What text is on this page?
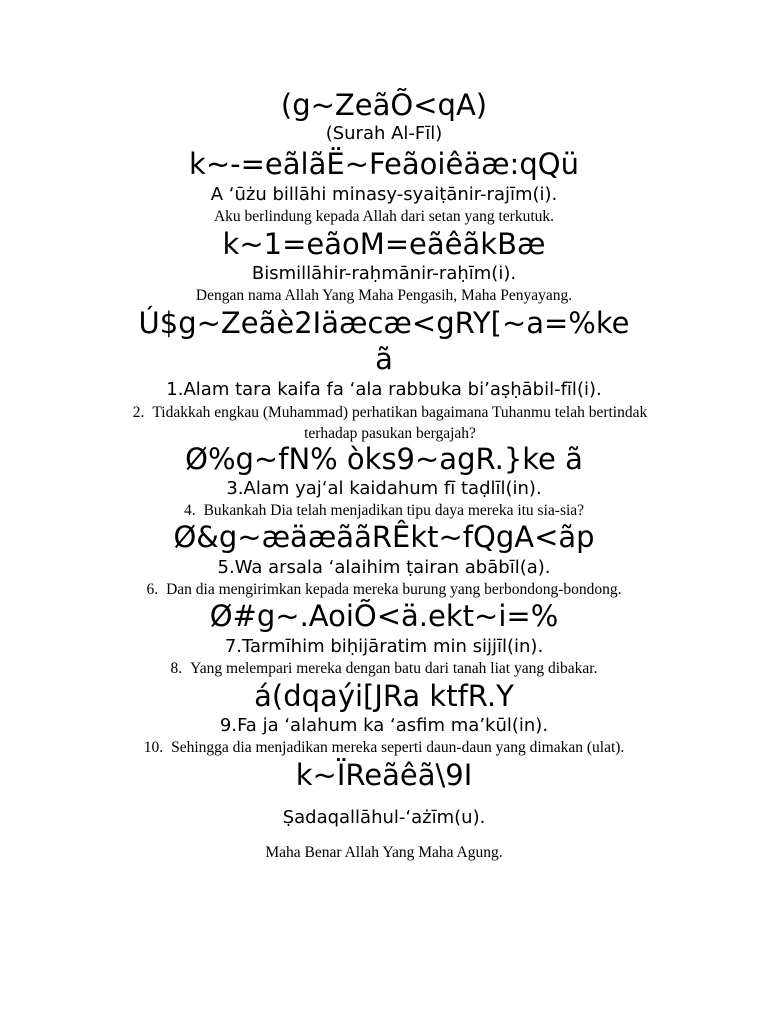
(g~ZeãÕ<qA)
(Surah Al-Fīl)
k~-=eãlãË~Feãoiêäæ:qQü
A ‘ūżu billāhi minasy-syaiṭānir-rajīm(i).
Aku berlindung kepada Allah dari setan yang terkutuk.
k~1=eãoM=eãêãkBæ
Bismillāhir-raḥmānir-raḥīm(i).
Dengan nama Allah Yang Maha Pengasih, Maha Penyayang.
Ú$g~Zeãè2Iäæcæ<gRY[~a=%ke
ã
1.Alam tara kaifa fa ‘ala rabbuka bi’aṣḥābil-fīl(i).
2. Tidakkah engkau (Muhammad) perhatikan bagaimana Tuhanmu telah bertindak terhadap pasukan bergajah?
Ø%g~fN% òks9~agR.}ke ã
3.Alam yaj‘al kaidahum fī taḍlīl(in).
4. Bukankah Dia telah menjadikan tipu daya mereka itu sia-sia?
Ø&g~æäæããRÊkt~fQgA<ãp
5.Wa arsala ‘alaihim ṭairan abābīl(a).
6. Dan dia mengirimkan kepada mereka burung yang berbondong-bondong.
Ø#g~.AoiÕ<ä.ekt~i=%
7.Tarmīhim biḥijāratim min sijjīl(in).
8. Yang melempari mereka dengan batu dari tanah liat yang dibakar.
á(dqaýi[JRa ktfR.Y
9.Fa ja ‘alahum ka ‘asfim ma’kūl(in).
10. Sehingga dia menjadikan mereka seperti daun-daun yang dimakan (ulat).
k~ÏReãêã\9I
Ṣadaqallāhul-‘ażīm(u).
Maha Benar Allah Yang Maha Agung.
